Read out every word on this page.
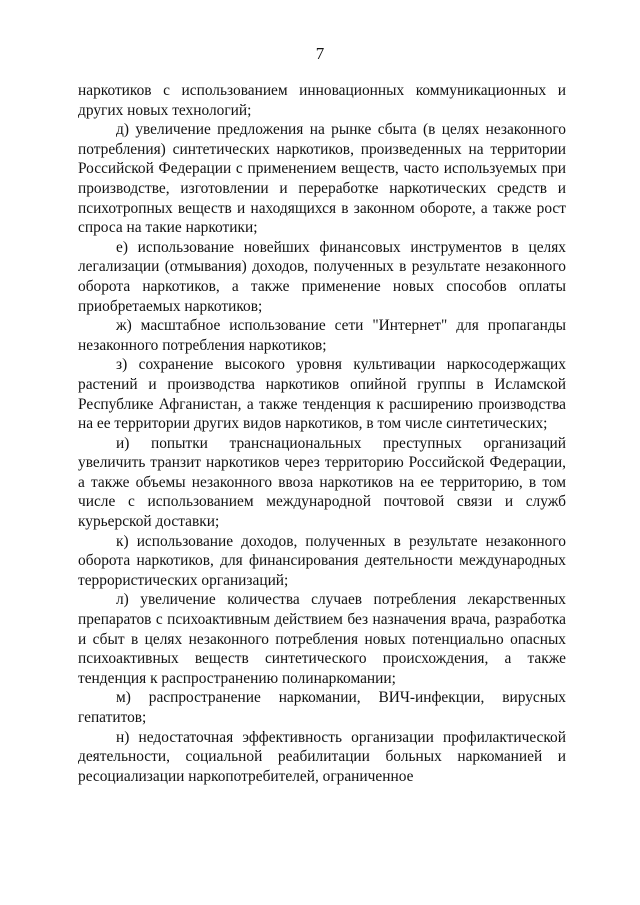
7

наркотиков с использованием инновационных коммуникационных и других новых технологий;

д) увеличение предложения на рынке сбыта (в целях незаконного потребления) синтетических наркотиков, произведенных на территории Российской Федерации с применением веществ, часто используемых при производстве, изготовлении и переработке наркотических средств и психотропных веществ и находящихся в законном обороте, а также рост спроса на такие наркотики;

е) использование новейших финансовых инструментов в целях легализации (отмывания) доходов, полученных в результате незаконного оборота наркотиков, а также применение новых способов оплаты приобретаемых наркотиков;

ж) масштабное использование сети "Интернет" для пропаганды незаконного потребления наркотиков;

з) сохранение высокого уровня культивации наркосодержащих растений и производства наркотиков опийной группы в Исламской Республике Афганистан, а также тенденция к расширению производства на ее территории других видов наркотиков, в том числе синтетических;

и) попытки транснациональных преступных организаций увеличить транзит наркотиков через территорию Российской Федерации, а также объемы незаконного ввоза наркотиков на ее территорию, в том числе с использованием международной почтовой связи и служб курьерской доставки;

к) использование доходов, полученных в результате незаконного оборота наркотиков, для финансирования деятельности международных террористических организаций;

л) увеличение количества случаев потребления лекарственных препаратов с психоактивным действием без назначения врача, разработка и сбыт в целях незаконного потребления новых потенциально опасных психоактивных веществ синтетического происхождения, а также тенденция к распространению полинаркомании;

м) распространение наркомании, ВИЧ-инфекции, вирусных гепатитов;

н) недостаточная эффективность организации профилактической деятельности, социальной реабилитации больных наркоманией и ресоциализации наркопотребителей, ограниченное
